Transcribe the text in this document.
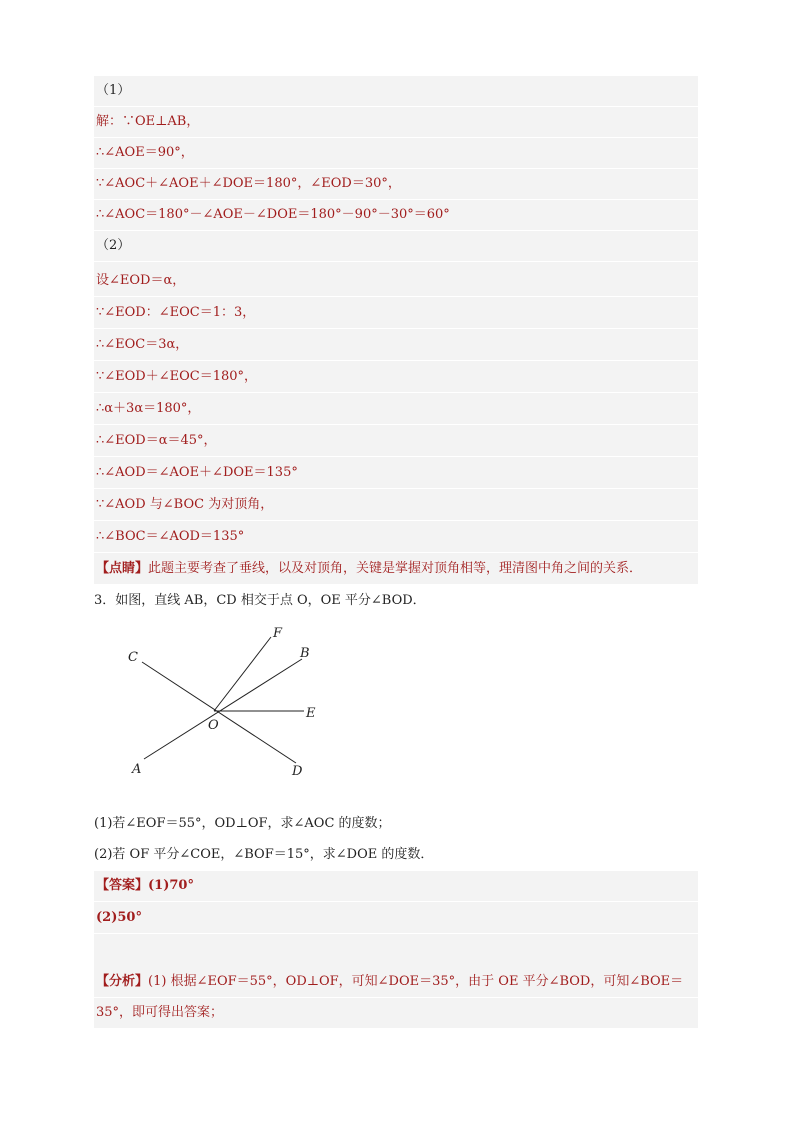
（1）
解：∵OE⊥AB，
∴∠AOE＝90°，
∵∠AOC＋∠AOE＋∠DOE＝180°，∠EOD＝30°，
∴∠AOC＝180°－∠AOE－∠DOE＝180°－90°－30°＝60°
（2）
设∠EOD＝α，
∵∠EOD：∠EOC＝1：3，
∴∠EOC＝3α，
∵∠EOD＋∠EOC＝180°，
∴α＋3α＝180°，
∴∠EOD＝α＝45°，
∴∠AOD＝∠AOE＋∠DOE＝135°
∵∠AOD 与∠BOC 为对顶角，
∴∠BOC＝∠AOD＝135°
【点睛】此题主要考查了垂线，以及对顶角，关键是掌握对顶角相等，理清图中角之间的关系．
3．如图，直线 AB，CD 相交于点 O，OE 平分∠BOD．
C
F
B
E
O
A	D
(1)若∠EOF＝55°，OD⊥OF，求∠AOC 的度数；
(2)若 OF 平分∠COE，∠BOF＝15°，求∠DOE 的度数．
【答案】(1)70°
(2)50°
【分析】(1) 根据∠EOF＝55°，OD⊥OF，可知∠DOE＝35°，由于 OE 平分∠BOD，可知∠BOE＝
35°，即可得出答案；
